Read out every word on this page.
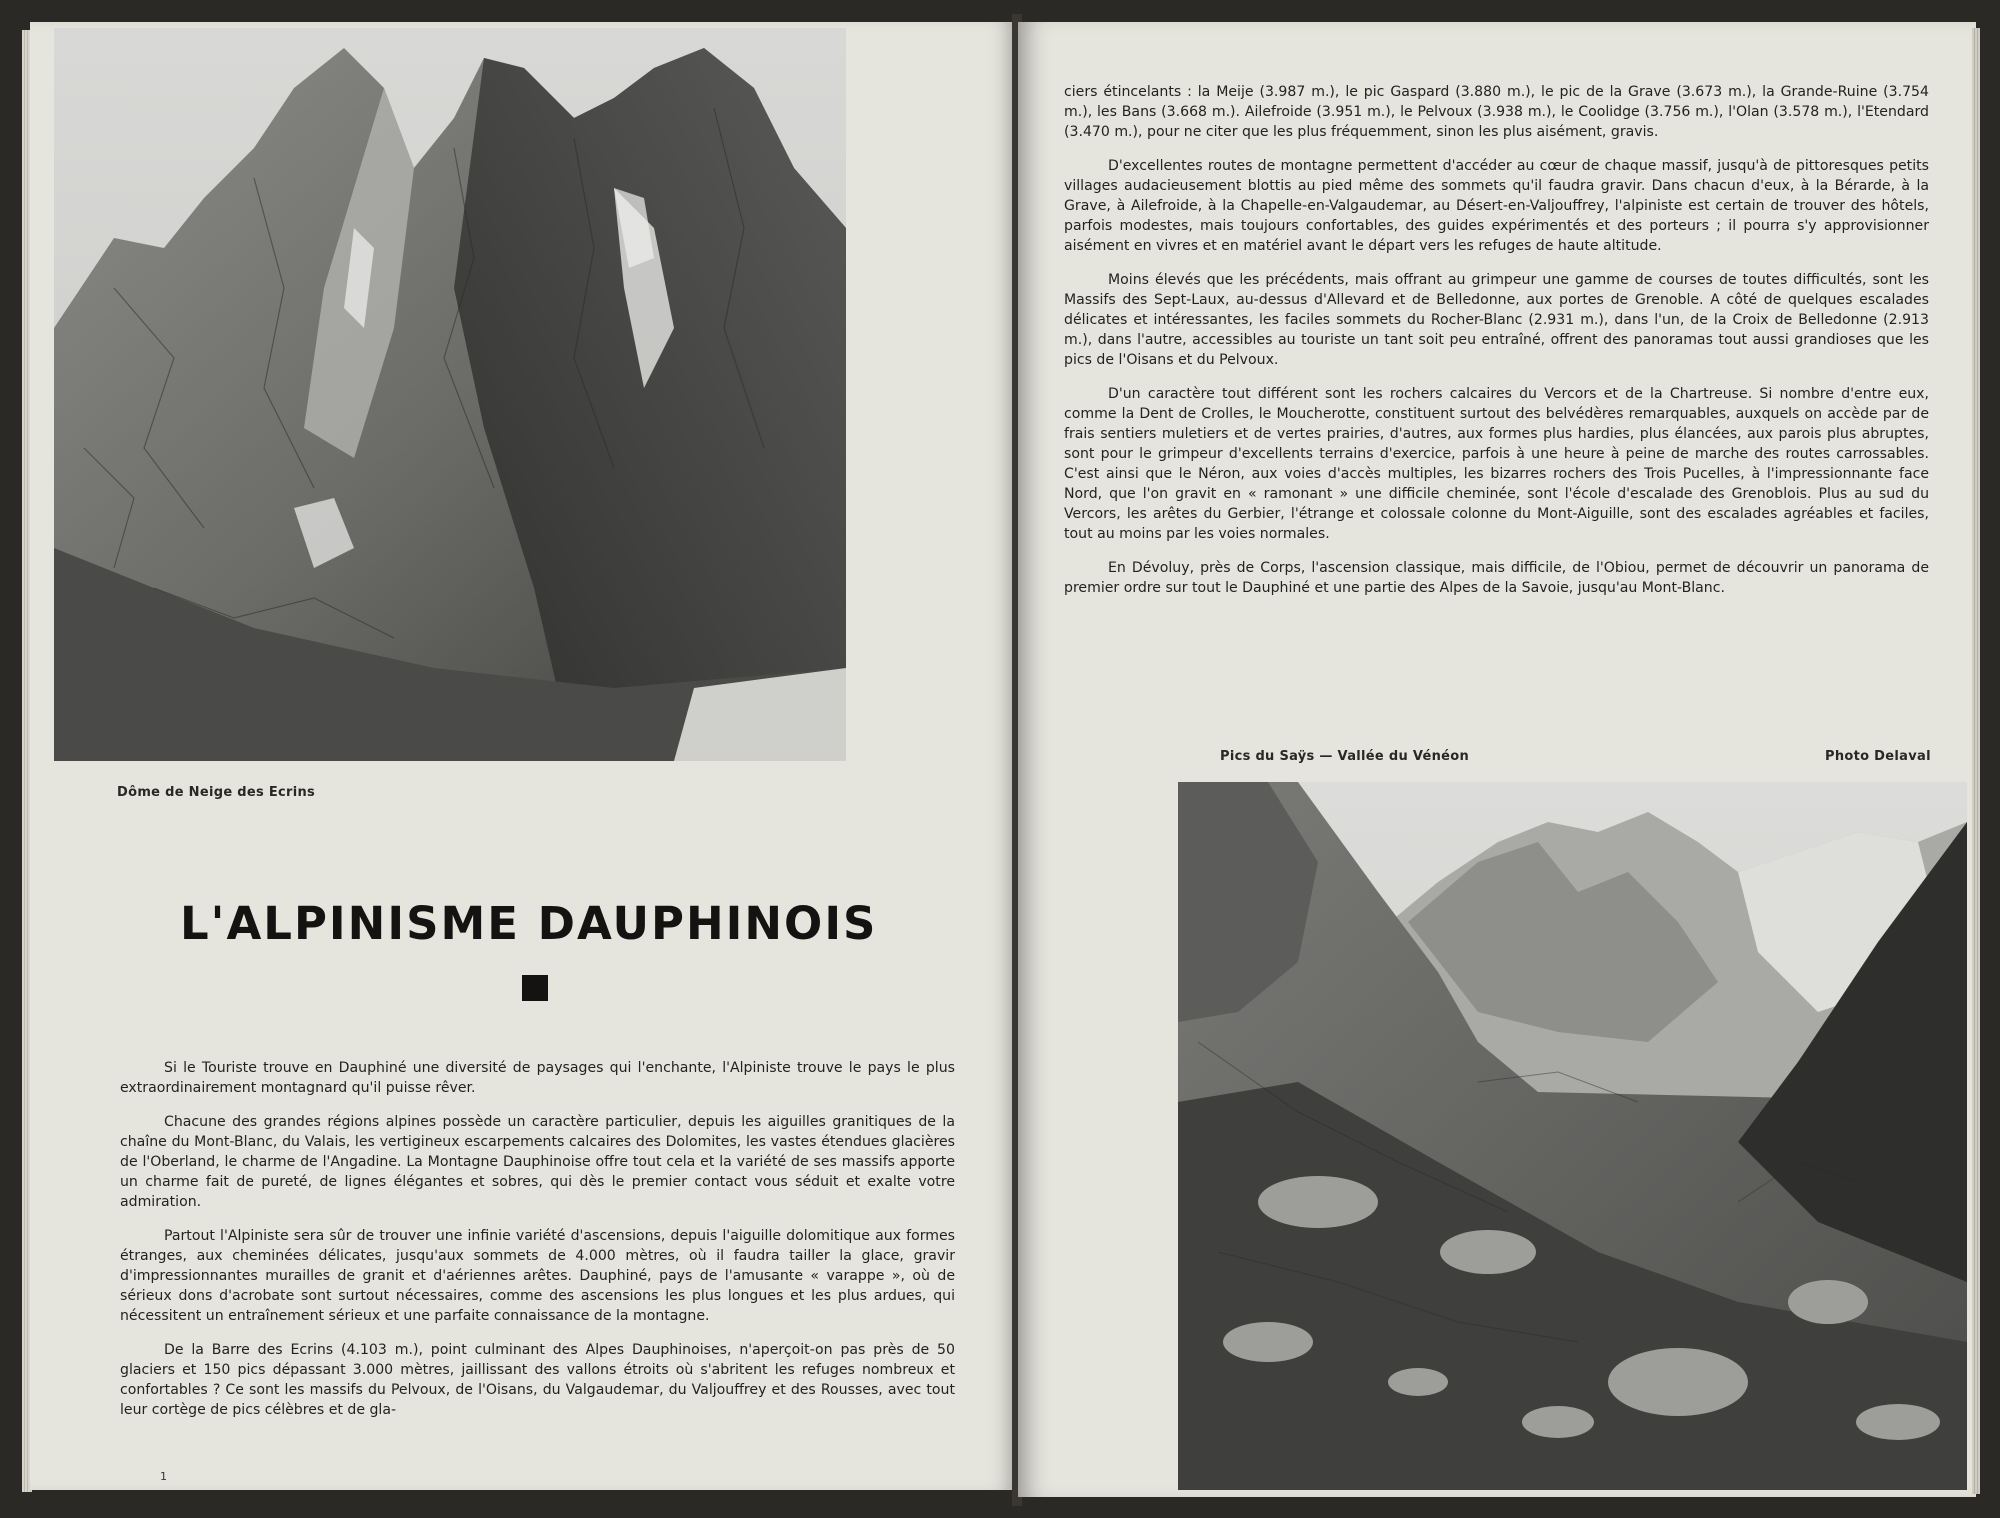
Dôme de Neige des Ecrins
L'ALPINISME DAUPHINOIS

Si le Touriste trouve en Dauphiné une diversité de paysages qui l'enchante, l'Alpiniste trouve le pays le plus extraordinairement montagnard qu'il puisse rêver.

Chacune des grandes régions alpines possède un caractère particulier, depuis les aiguilles granitiques de la chaîne du Mont-Blanc, du Valais, les vertigineux escarpements calcaires des Dolomites, les vastes étendues glacières de l'Oberland, le charme de l'Angadine. La Montagne Dauphinoise offre tout cela et la variété de ses massifs apporte un charme fait de pureté, de lignes élégantes et sobres, qui dès le premier contact vous séduit et exalte votre admiration.

Partout l'Alpiniste sera sûr de trouver une infinie variété d'ascensions, depuis l'aiguille dolomitique aux formes étranges, aux cheminées délicates, jusqu'aux sommets de 4.000 mètres, où il faudra tailler la glace, gravir d'impressionnantes murailles de granit et d'aériennes arêtes. Dauphiné, pays de l'amusante « varappe », où de sérieux dons d'acrobate sont surtout nécessaires, comme des ascensions les plus longues et les plus ardues, qui nécessitent un entraînement sérieux et une parfaite connaissance de la montagne.

De la Barre des Ecrins (4.103 m.), point culminant des Alpes Dauphinoises, n'aperçoit-on pas près de 50 glaciers et 150 pics dépassant 3.000 mètres, jaillissant des vallons étroits où s'abritent les refuges nombreux et confortables ? Ce sont les massifs du Pelvoux, de l'Oisans, du Valgaudemar, du Valjouffrey et des Rousses, avec tout leur cortège de pics célèbres et de gla-

1

ciers étincelants : la Meije (3.987 m.), le pic Gaspard (3.880 m.), le pic de la Grave (3.673 m.), la Grande-Ruine (3.754 m.), les Bans (3.668 m.). Ailefroide (3.951 m.), le Pelvoux (3.938 m.), le Coolidge (3.756 m.), l'Olan (3.578 m.), l'Etendard (3.470 m.), pour ne citer que les plus fréquemment, sinon les plus aisément, gravis.

D'excellentes routes de montagne permettent d'accéder au cœur de chaque massif, jusqu'à de pittoresques petits villages audacieusement blottis au pied même des sommets qu'il faudra gravir. Dans chacun d'eux, à la Bérarde, à la Grave, à Ailefroide, à la Chapelle-en-Valgaudemar, au Désert-en-Valjouffrey, l'alpiniste est certain de trouver des hôtels, parfois modestes, mais toujours confortables, des guides expérimentés et des porteurs ; il pourra s'y approvisionner aisément en vivres et en matériel avant le départ vers les refuges de haute altitude.

Moins élevés que les précédents, mais offrant au grimpeur une gamme de courses de toutes difficultés, sont les Massifs des Sept-Laux, au-dessus d'Allevard et de Belledonne, aux portes de Grenoble. A côté de quelques escalades délicates et intéressantes, les faciles sommets du Rocher-Blanc (2.931 m.), dans l'un, de la Croix de Belledonne (2.913 m.), dans l'autre, accessibles au touriste un tant soit peu entraîné, offrent des panoramas tout aussi grandioses que les pics de l'Oisans et du Pelvoux.

D'un caractère tout différent sont les rochers calcaires du Vercors et de la Chartreuse. Si nombre d'entre eux, comme la Dent de Crolles, le Moucherotte, constituent surtout des belvédères remarquables, auxquels on accède par de frais sentiers muletiers et de vertes prairies, d'autres, aux formes plus hardies, plus élancées, aux parois plus abruptes, sont pour le grimpeur d'excellents terrains d'exercice, parfois à une heure à peine de marche des routes carrossables. C'est ainsi que le Néron, aux voies d'accès multiples, les bizarres rochers des Trois Pucelles, à l'impressionnante face Nord, que l'on gravit en « ramonant » une difficile cheminée, sont l'école d'escalade des Grenoblois. Plus au sud du Vercors, les arêtes du Gerbier, l'étrange et colossale colonne du Mont-Aiguille, sont des escalades agréables et faciles, tout au moins par les voies normales.

En Dévoluy, près de Corps, l'ascension classique, mais difficile, de l'Obiou, permet de découvrir un panorama de premier ordre sur tout le Dauphiné et une partie des Alpes de la Savoie, jusqu'au Mont-Blanc.

Pics du Saÿs — Vallée du Vénéon	Photo Delaval
